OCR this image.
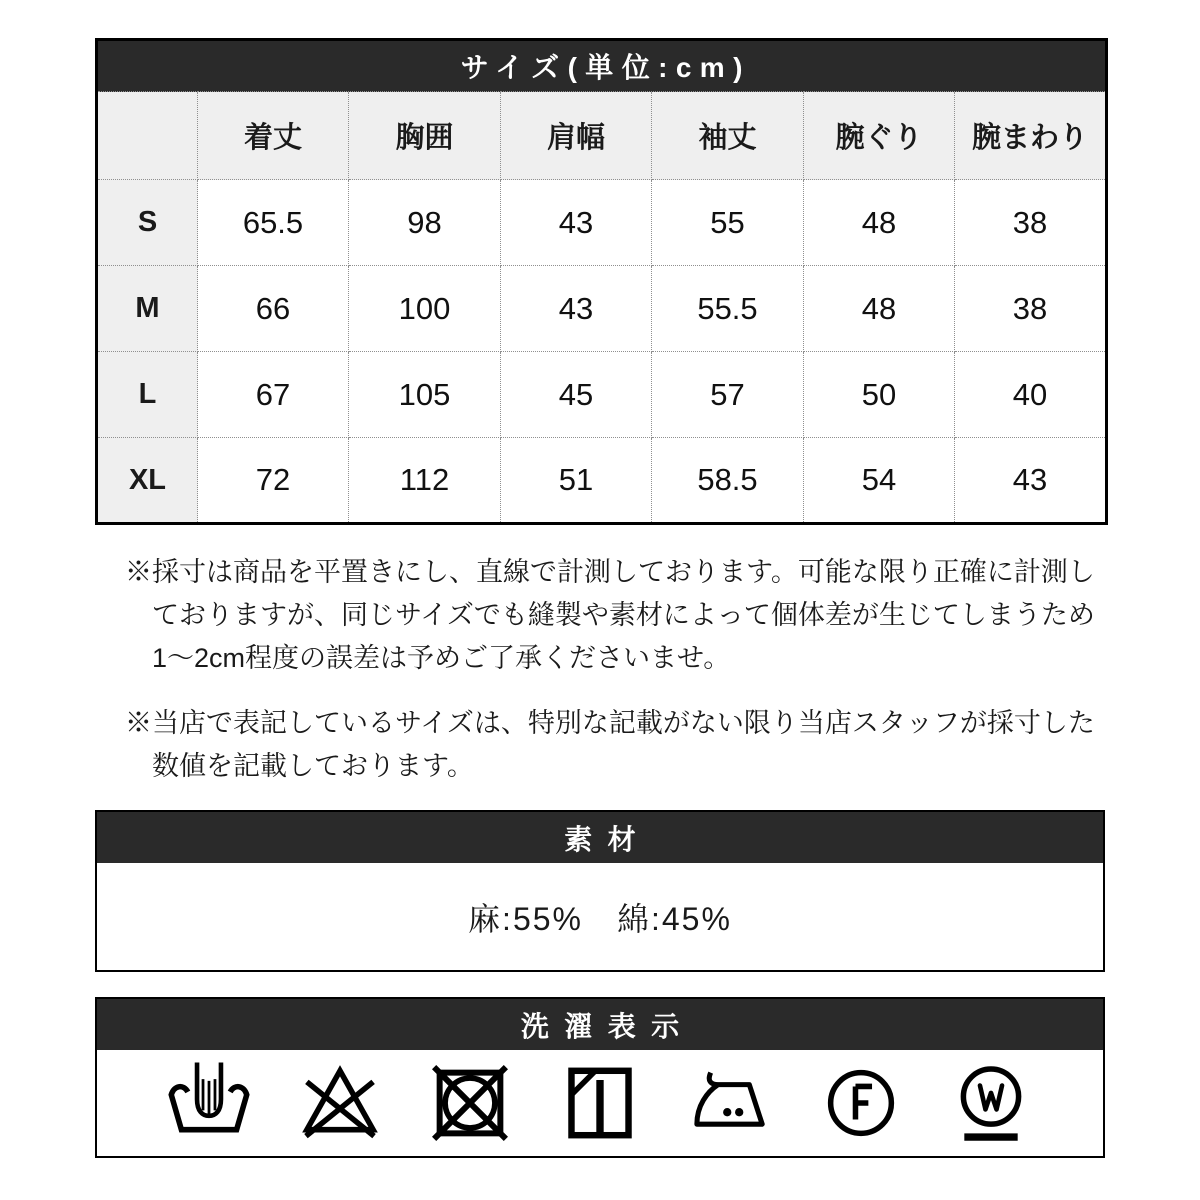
サイズ(単位:cm)						
	着丈	胸囲	肩幅	袖丈	腕ぐり	腕まわり
S	65.5	98	43	55	48	38
M	66	100	43	55.5	48	38
L	67	105	45	57	50	40
XL	72	112	51	58.5	54	43
※採寸は商品を平置きにし、直線で計測しております。可能な限り正確に計測し
ておりますが、同じサイズでも縫製や素材によって個体差が生じてしまうため
1〜2cm程度の誤差は予めご了承くださいませ。
※当店で表記しているサイズは、特別な記載がない限り当店スタッフが採寸した
数値を記載しております。
素材
麻:55%　綿:45%
洗濯表示
